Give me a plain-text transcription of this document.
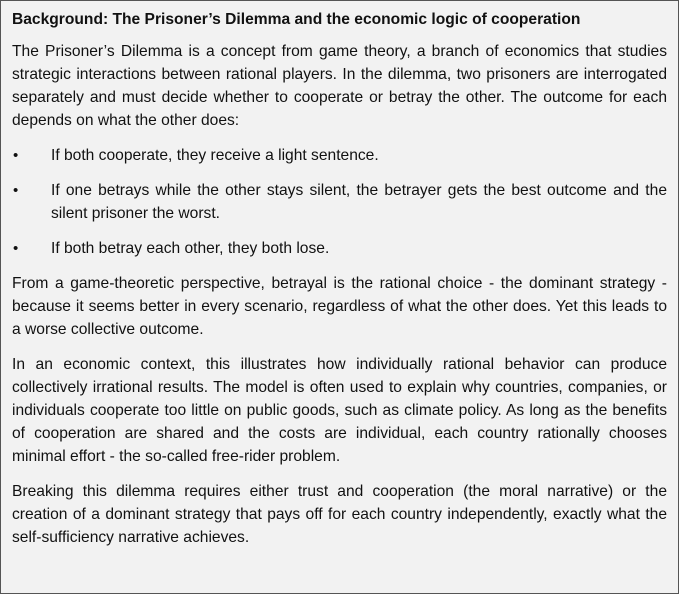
Background: The Prisoner’s Dilemma and the economic logic of cooperation

The Prisoner’s Dilemma is a concept from game theory, a branch of economics that studies strategic interactions between rational players. In the dilemma, two prisoners are interrogated separately and must decide whether to cooperate or betray the other. The outcome for each depends on what the other does:

• If both cooperate, they receive a light sentence.
• If one betrays while the other stays silent, the betrayer gets the best outcome and the silent prisoner the worst.
• If both betray each other, they both lose.

From a game-theoretic perspective, betrayal is the rational choice - the dominant strategy - because it seems better in every scenario, regardless of what the other does. Yet this leads to a worse collective outcome.

In an economic context, this illustrates how individually rational behavior can produce collectively irrational results. The model is often used to explain why countries, companies, or individuals cooperate too little on public goods, such as climate policy. As long as the benefits of cooperation are shared and the costs are individual, each country rationally chooses minimal effort - the so-called free-rider problem.

Breaking this dilemma requires either trust and cooperation (the moral narrative) or the creation of a dominant strategy that pays off for each country independently, exactly what the self-sufficiency narrative achieves.
